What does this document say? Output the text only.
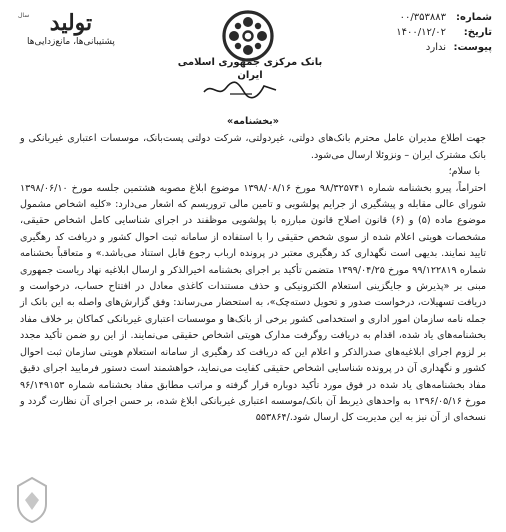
سال تولید
پشتیبانی‌ها، مانع‌زدایی‌ها
بانک مرکزی جمهوری اسلامی ایران
شماره:
۰۰/۳۵۳۸۸۳
تاریخ:
۱۴۰۰/۱۲/۰۲
پیوست:
ندارد
«بخشنامه»

جهت اطلاع مدیران عامل محترم بانک‌های دولتی، غیردولتی، شرکت دولتی پست‌بانک، موسسات اعتباری غیربانکی و بانک مشترک ایران – ونزوئلا ارسال می‌شود.

با سلام؛

احتراماً، پیرو بخشنامه شماره ۹۸/۳۲۵۷۴۱ مورخ ۱۳۹۸/۰۸/۱۶ موضوع ابلاغ مصوبه هشتمین جلسه مورخ ۱۳۹۸/۰۶/۱۰ شورای عالی مقابله و پیشگیری از جرایم پولشویی و تامین مالی تروریسم که اشعار می‌دارد: «کلیه اشخاص مشمول موضوع ماده (۵) و (۶) قانون اصلاح قانون مبارزه با پولشویی موظفند در اجرای شناسایی کامل اشخاص حقیقی، مشخصات هویتی اعلام شده از سوی شخص حقیقی را با استفاده از سامانه ثبت احوال کشور و دریافت کد رهگیری تایید نمایند. بدیهی است نگهداری کد رهگیری معتبر در پرونده ارباب رجوع قابل استناد می‌باشد.» و متعاقباً بخشنامه شماره ۹۹/۱۲۲۸۱۹ مورخ ۱۳۹۹/۰۴/۲۵ متضمن تأکید بر اجرای بخشنامه اخیرالذکر و ارسال ابلاغیه نهاد ریاست جمهوری مبنی بر «پذیرش و جایگزینی استعلام الکترونیکی و حذف مستندات کاغذی معادل در افتتاح حساب، درخواست و دریافت تسهیلات، درخواست صدور و تحویل دسته‌چک»، به استحضار می‌رساند: وفق گزارش‌های واصله به این بانک از جمله نامه سازمان امور اداری و استخدامی کشور برخی از بانک‌ها و موسسات اعتباری غیربانکی کماکان بر خلاف مفاد بخشنامه‌های یاد شده، اقدام به دریافت روگرفت مدارک هویتی اشخاص حقیقی می‌نمایند. از این رو ضمن تأکید مجدد بر لزوم اجرای ابلاغیه‌های صدرالذکر و اعلام این که دریافت کد رهگیری از سامانه استعلام هویتی سازمان ثبت احوال کشور و نگهداری آن در پرونده شناسایی اشخاص حقیقی کفایت می‌نماید، خواهشمند است دستور فرمایید اجرای دقیق مفاد بخشنامه‌های یاد شده در فوق مورد تأکید دوباره قرار گرفته و مراتب مطابق مفاد بخشنامه شماره ۹۶/۱۴۹۱۵۳ مورخ ۱۳۹۶/۰۵/۱۶ به واحدهای ذیربط آن بانک/موسسه اعتباری غیربانکی ابلاغ شده، بر حسن اجرای آن نظارت گردد و نسخه‌ای از آن نیز به این مدیریت کل ارسال شود./۵۵۳۸۶۴
